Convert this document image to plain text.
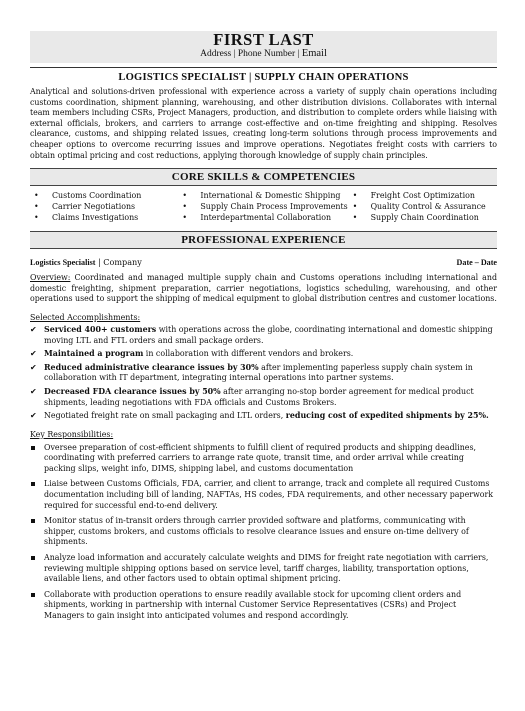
FIRST LAST
Address | Phone Number | Email
LOGISTICS SPECIALIST | SUPPLY CHAIN OPERATIONS
Analytical and solutions-driven professional with experience across a variety of supply chain operations including customs coordination, shipment planning, warehousing, and other distribution divisions. Collaborates with internal team members including CSRs, Project Managers, production, and distribution to complete orders while liaising with external officials, brokers, and carriers to arrange cost-effective and on-time freighting and shipping. Resolves clearance, customs, and shipping related issues, creating long-term solutions through process improvements and cheaper options to overcome recurring issues and improve operations. Negotiates freight costs with carriers to obtain optimal pricing and cost reductions, applying thorough knowledge of supply chain principles.
CORE SKILLS & COMPETENCIES
• Customs Coordination
• Carrier Negotiations
• Claims Investigations
• International & Domestic Shipping
• Supply Chain Process Improvements
• Interdepartmental Collaboration
• Freight Cost Optimization
• Quality Control & Assurance
• Supply Chain Coordination
PROFESSIONAL EXPERIENCE
Logistics Specialist | Company	Date – Date
Overview: Coordinated and managed multiple supply chain and Customs operations including international and domestic freighting, shipment preparation, carrier negotiations, logistics scheduling, warehousing, and other operations used to support the shipping of medical equipment to global distribution centres and customer locations.
Selected Accomplishments:
✔ Serviced 400+ customers with operations across the globe, coordinating international and domestic shipping moving LTL and FTL orders and small package orders.
✔ Maintained a program in collaboration with different vendors and brokers.
✔ Reduced administrative clearance issues by 30% after implementing paperless supply chain system in collaboration with IT department, integrating internal operations into partner systems.
✔ Decreased FDA clearance issues by 50% after arranging no-stop border agreement for medical product shipments, leading negotiations with FDA officials and Customs Brokers.
✔ Negotiated freight rate on small packaging and LTL orders, reducing cost of expedited shipments by 25%.
Key Responsibilities:
Oversee preparation of cost-efficient shipments to fulfill client of required products and shipping deadlines, coordinating with preferred carriers to arrange rate quote, transit time, and order arrival while creating packing slips, weight info, DIMS, shipping label, and customs documentation
Liaise between Customs Officials, FDA, carrier, and client to arrange, track and complete all required Customs documentation including bill of landing, NAFTAs, HS codes, FDA requirements, and other necessary paperwork required for successful end-to-end delivery.
Monitor status of in-transit orders through carrier provided software and platforms, communicating with shipper, customs brokers, and customs officials to resolve clearance issues and ensure on-time delivery of shipments.
Analyze load information and accurately calculate weights and DIMS for freight rate negotiation with carriers, reviewing multiple shipping options based on service level, tariff charges, liability, transportation options, available liens, and other factors used to obtain optimal shipment pricing.
Collaborate with production operations to ensure readily available stock for upcoming client orders and shipments, working in partnership with internal Customer Service Representatives (CSRs) and Project Managers to gain insight into anticipated volumes and respond accordingly.
